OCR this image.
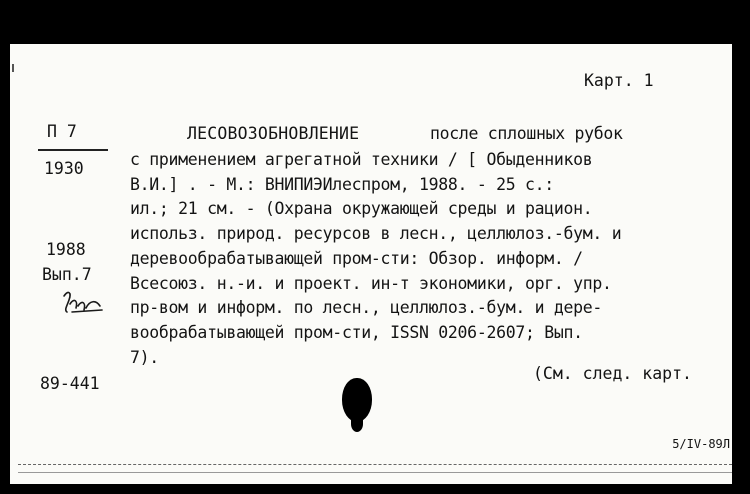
Карт. 1
П 7
1930
1988
Вып.7
89-441
ЛЕСОВОЗОБНОВЛЕНИЕ	после сплошных рубок
с применением агрегатной техники / [ Обыденников
В.И.] . - М.: ВНИПИЭИлеспром, 1988. - 25 с.:
ил.; 21 см. - (Охрана окружающей среды и рацион.
использ. природ. ресурсов в лесн., целлюлоз.-бум. и
деревообрабатывающей пром-сти: Обзор. информ. /
Всесоюз. н.-и. и проект. ин-т экономики, орг. упр.
пр-вом и информ. по лесн., целлюлоз.-бум. и дере-
вообрабатывающей пром-сти, ISSN 0206-2607; Вып.
7).
(См. след. карт.
5/IV-89Л
